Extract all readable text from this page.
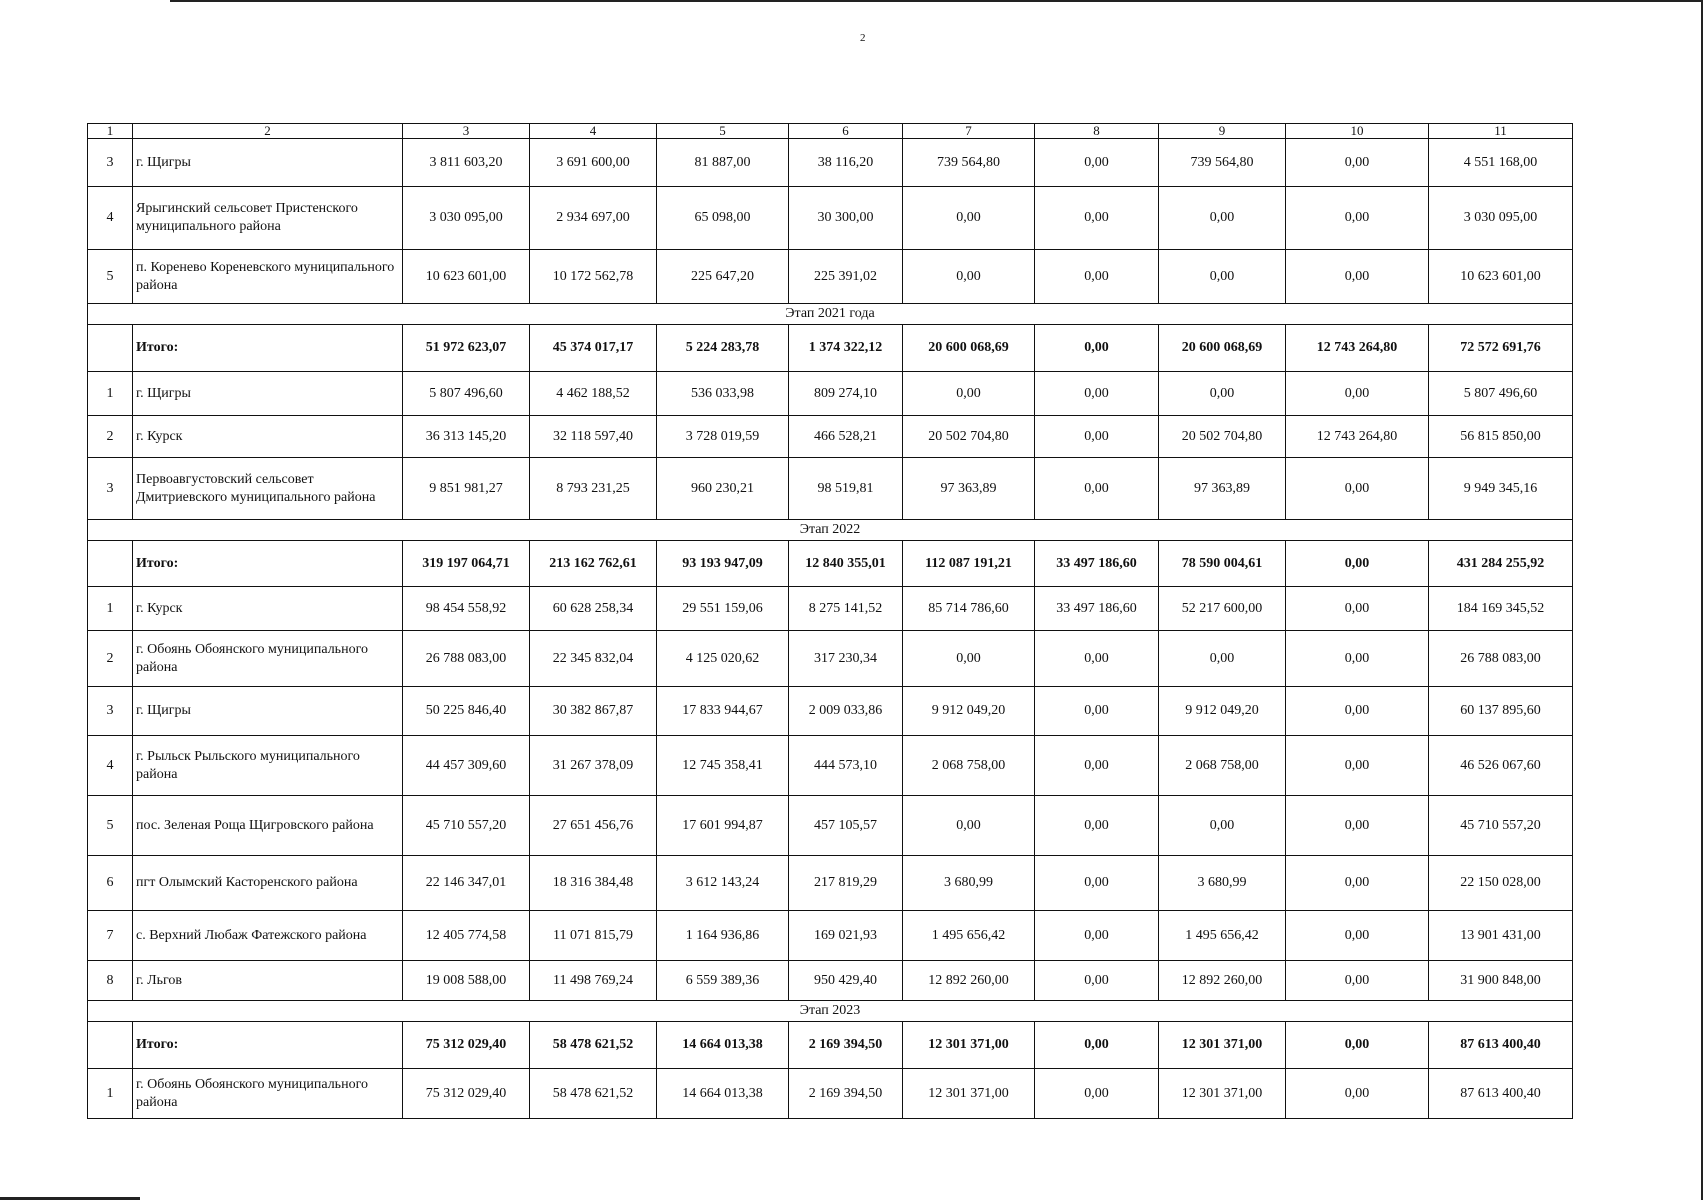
2
1	2	3	4	5	6	7	8	9	10	11
3	г. Щигры	3 811 603,20	3 691 600,00	81 887,00	38 116,20	739 564,80	0,00	739 564,80	0,00	4 551 168,00
4	Ярыгинский сельсовет Пристенского муниципального района	3 030 095,00	2 934 697,00	65 098,00	30 300,00	0,00	0,00	0,00	0,00	3 030 095,00
5	п. Коренево Кореневского муниципального района	10 623 601,00	10 172 562,78	225 647,20	225 391,02	0,00	0,00	0,00	0,00	10 623 601,00
Этап 2021 года										
	Итого:	51 972 623,07	45 374 017,17	5 224 283,78	1 374 322,12	20 600 068,69	0,00	20 600 068,69	12 743 264,80	72 572 691,76
1	г. Щигры	5 807 496,60	4 462 188,52	536 033,98	809 274,10	0,00	0,00	0,00	0,00	5 807 496,60
2	г. Курск	36 313 145,20	32 118 597,40	3 728 019,59	466 528,21	20 502 704,80	0,00	20 502 704,80	12 743 264,80	56 815 850,00
3	Первоавгустовский сельсовет Дмитриевского муниципального района	9 851 981,27	8 793 231,25	960 230,21	98 519,81	97 363,89	0,00	97 363,89	0,00	9 949 345,16
Этап 2022										
	Итого:	319 197 064,71	213 162 762,61	93 193 947,09	12 840 355,01	112 087 191,21	33 497 186,60	78 590 004,61	0,00	431 284 255,92
1	г. Курск	98 454 558,92	60 628 258,34	29 551 159,06	8 275 141,52	85 714 786,60	33 497 186,60	52 217 600,00	0,00	184 169 345,52
2	г. Обоянь Обоянского муниципального района	26 788 083,00	22 345 832,04	4 125 020,62	317 230,34	0,00	0,00	0,00	0,00	26 788 083,00
3	г. Щигры	50 225 846,40	30 382 867,87	17 833 944,67	2 009 033,86	9 912 049,20	0,00	9 912 049,20	0,00	60 137 895,60
4	г. Рыльск Рыльского муниципального района	44 457 309,60	31 267 378,09	12 745 358,41	444 573,10	2 068 758,00	0,00	2 068 758,00	0,00	46 526 067,60
5	пос. Зеленая Роща Щигровского района	45 710 557,20	27 651 456,76	17 601 994,87	457 105,57	0,00	0,00	0,00	0,00	45 710 557,20
6	пгт Олымский Касторенского района	22 146 347,01	18 316 384,48	3 612 143,24	217 819,29	3 680,99	0,00	3 680,99	0,00	22 150 028,00
7	с. Верхний Любаж Фатежского района	12 405 774,58	11 071 815,79	1 164 936,86	169 021,93	1 495 656,42	0,00	1 495 656,42	0,00	13 901 431,00
8	г. Льгов	19 008 588,00	11 498 769,24	6 559 389,36	950 429,40	12 892 260,00	0,00	12 892 260,00	0,00	31 900 848,00
Этап 2023										
	Итого:	75 312 029,40	58 478 621,52	14 664 013,38	2 169 394,50	12 301 371,00	0,00	12 301 371,00	0,00	87 613 400,40
1	г. Обоянь Обоянского муниципального района	75 312 029,40	58 478 621,52	14 664 013,38	2 169 394,50	12 301 371,00	0,00	12 301 371,00	0,00	87 613 400,40
